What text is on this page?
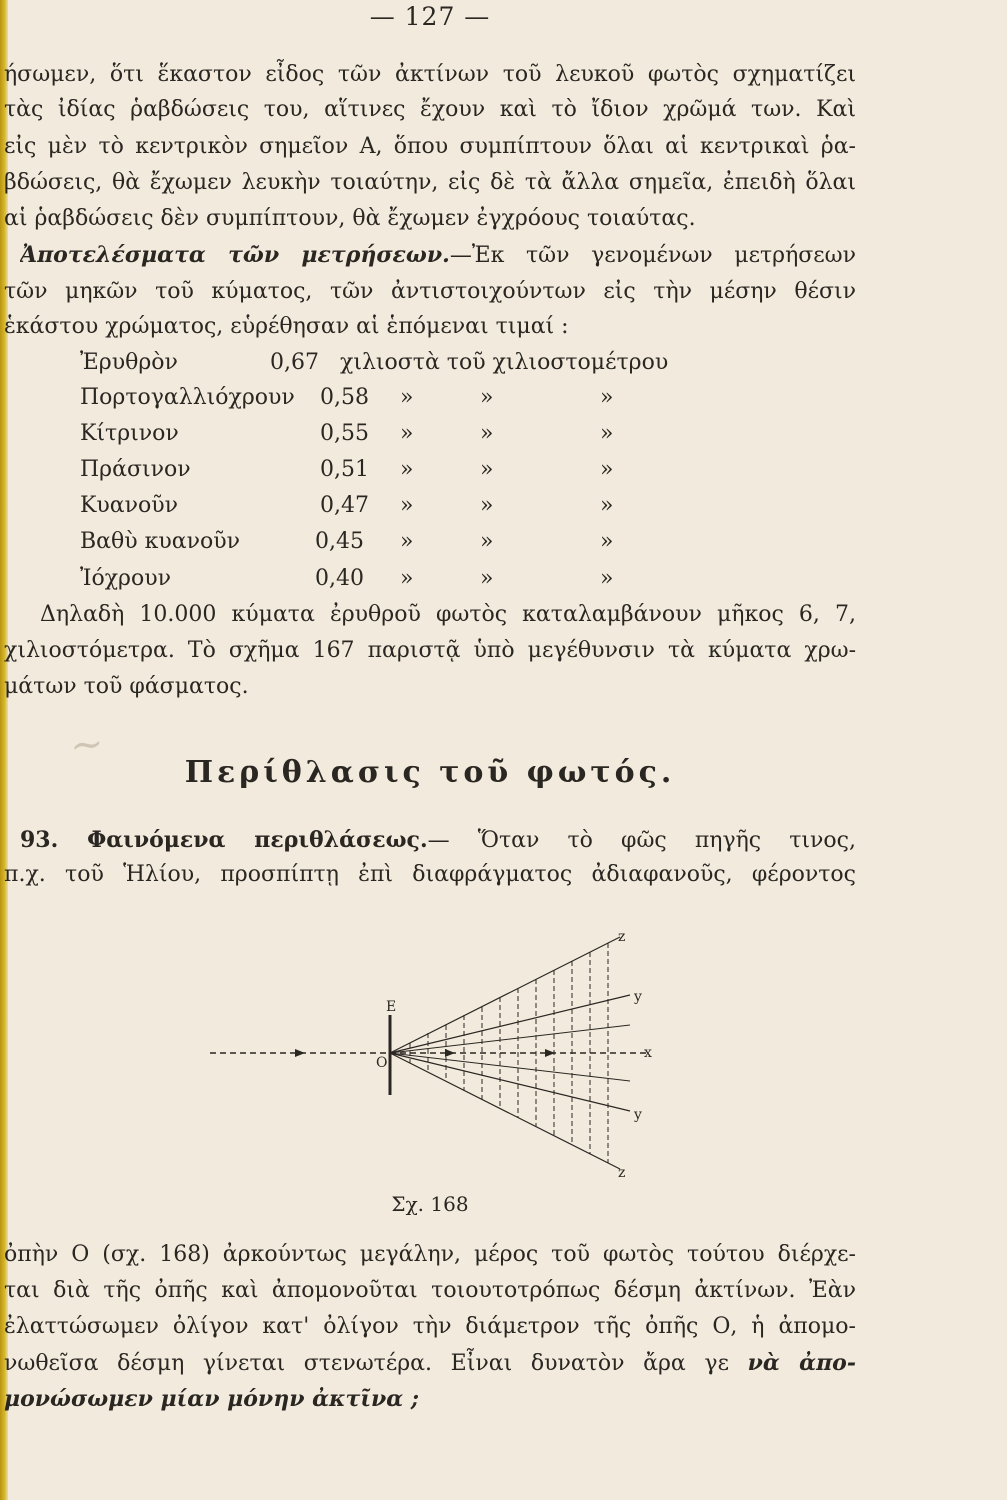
— 127 —
ήσωμεν, ὅτι ἕκαστον εἶδος τῶν ἀκτίνων τοῦ λευκοῦ φωτὸς σχηματίζει
τὰς ἰδίας ῥαβδώσεις του, αἵτινες ἔχουν καὶ τὸ ἴδιον χρῶμά των. Καὶ
εἰς μὲν τὸ κεντρικὸν σημεῖον Α, ὅπου συμπίπτουν ὅλαι αἱ κεντρικαὶ ῥα-
βδώσεις, θὰ ἔχωμεν λευκὴν τοιαύτην, εἰς δὲ τὰ ἄλλα σημεῖα, ἐπειδὴ ὅλαι
αἱ ῥαβδώσεις δὲν συμπίπτουν, θὰ ἔχωμεν ἐγχρόους τοιαύτας.
Ἀποτελέσματα τῶν μετρήσεων.—Ἐκ τῶν γενομένων μετρήσεων
τῶν μηκῶν τοῦ κύματος, τῶν ἀντιστοιχούντων εἰς τὴν μέσην θέσιν
ἑκάστου χρώματος, εὑρέθησαν αἱ ἑπόμεναι τιμαί :
Ἐρυθρὸν	0,67 χιλιοστὰ τοῦ χιλιοστομέτρου
Πορτογαλλιόχρουν 0,58 »	»	»
Κίτρινον	0,55 »	»	»
Πράσινον	0,51 »	»	»
Κυανοῦν	0,47 »	»	»
Βαθὺ κυανοῦν	0,45 »	»	»
Ἰόχρουν	0,40 »	»	»
Δηλαδὴ 10.000 κύματα ἐρυθροῦ φωτὸς καταλαμβάνουν μῆκος 6, 7,
χιλιοστόμετρα. Τὸ σχῆμα 167 παριστᾷ ὑπὸ μεγέθυνσιν τὰ κύματα χρω-
μάτων τοῦ φάσματος.
~
Περίθλασις τοῦ φωτός.
93. Φαινόμενα περιθλάσεως.— Ὅταν τὸ φῶς πηγῆς τινος,
π.χ. τοῦ Ἡλίου, προσπίπτῃ ἐπὶ διαφράγματος ἀδιαφανοῦς, φέροντος
E
O
x
y
y
z
z
Σχ. 168
ὀπὴν Ο (σχ. 168) ἀρκούντως μεγάλην, μέρος τοῦ φωτὸς τούτου διέρχε-
ται διὰ τῆς ὀπῆς καὶ ἀπομονοῦται τοιουτοτρόπως δέσμη ἀκτίνων. Ἐὰν
ἐλαττώσωμεν ὀλίγον κατ' ὀλίγον τὴν διάμετρον τῆς ὀπῆς Ο, ἡ ἀπομο-
νωθεῖσα δέσμη γίνεται στενωτέρα. Εἶναι δυνατὸν ἄρα γε νὰ ἀπο-
μονώσωμεν μίαν μόνην ἀκτῖνα ;
